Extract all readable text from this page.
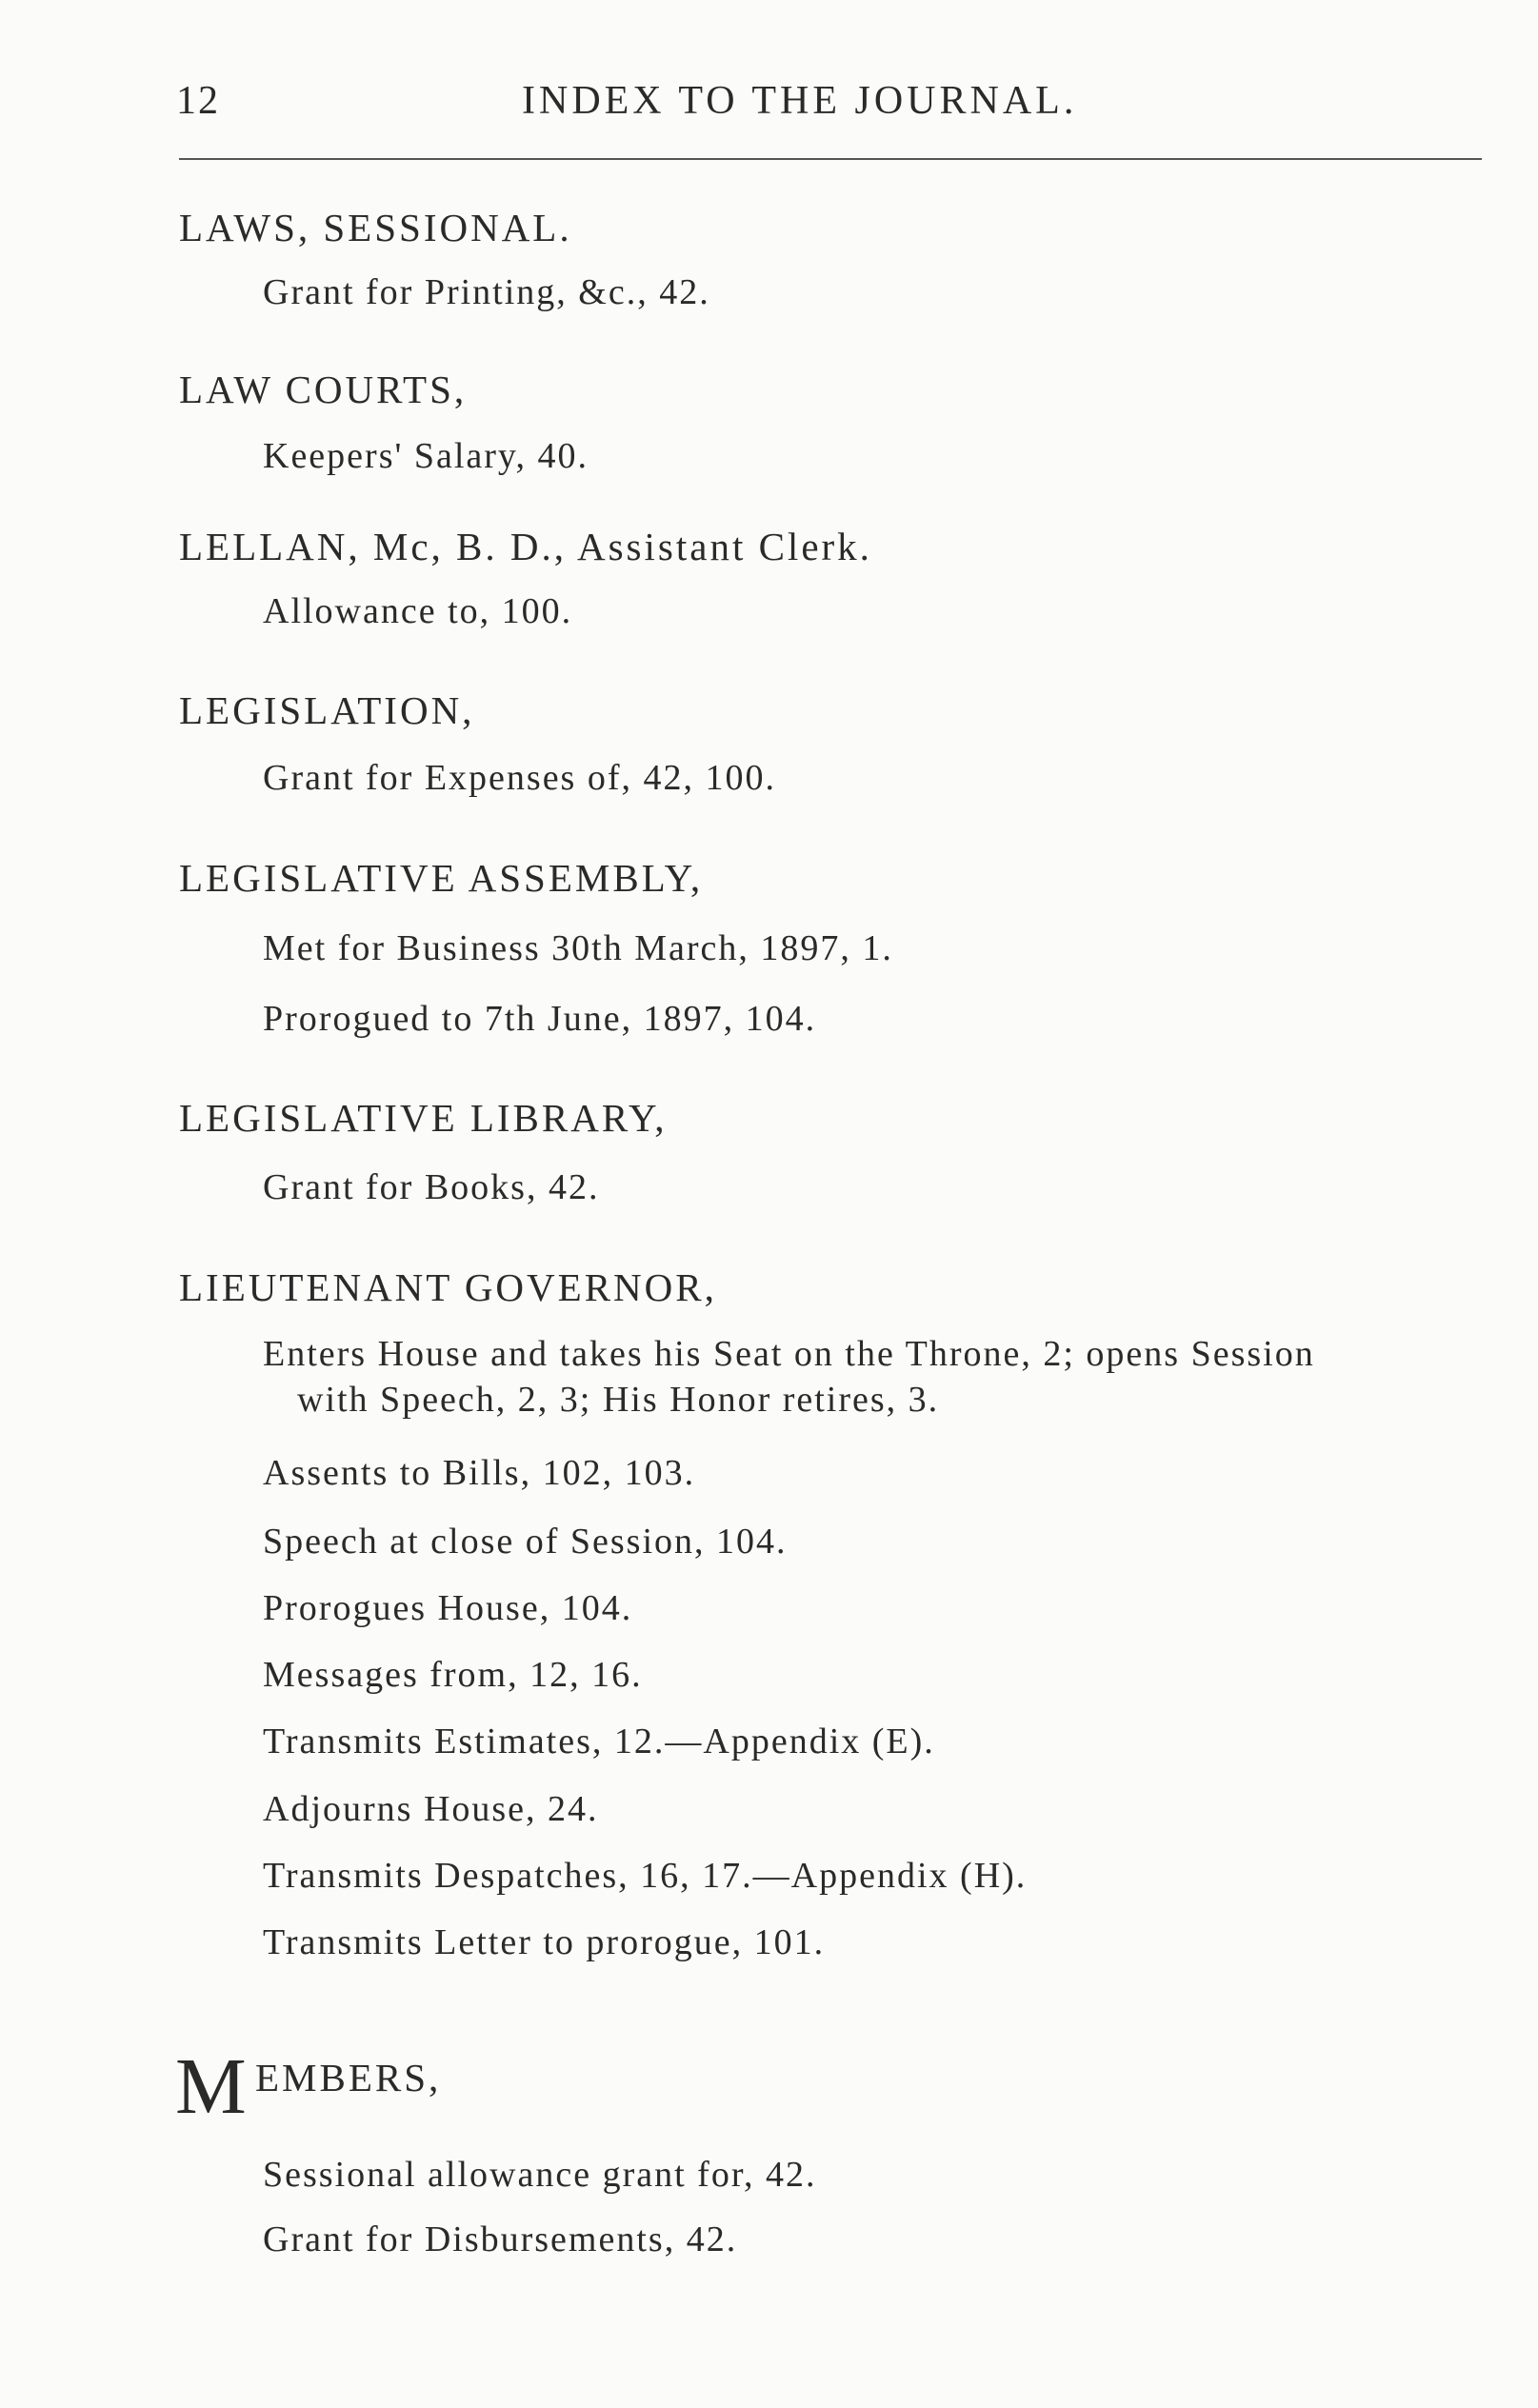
12	INDEX TO THE JOURNAL.
LAWS, SESSIONAL.
Grant for Printing, &c., 42.
LAW COURTS,
Keepers' Salary, 40.
LELLAN, Mc, B. D., Assistant Clerk.
Allowance to, 100.
LEGISLATION,
Grant for Expenses of, 42, 100.
LEGISLATIVE ASSEMBLY,
Met for Business 30th March, 1897, 1.
Prorogued to 7th June, 1897, 104.
LEGISLATIVE LIBRARY,
Grant for Books, 42.
LIEUTENANT GOVERNOR,
Enters House and takes his Seat on the Throne, 2; opens Session
with Speech, 2, 3; His Honor retires, 3.
Assents to Bills, 102, 103.
Speech at close of Session, 104.
Prorogues House, 104.
Messages from, 12, 16.
Transmits Estimates, 12.—Appendix (E).
Adjourns House, 24.
Transmits Despatches, 16, 17.—Appendix (H).
Transmits Letter to prorogue, 101.
M EMBERS,
Sessional allowance grant for, 42.
Grant for Disbursements, 42.
